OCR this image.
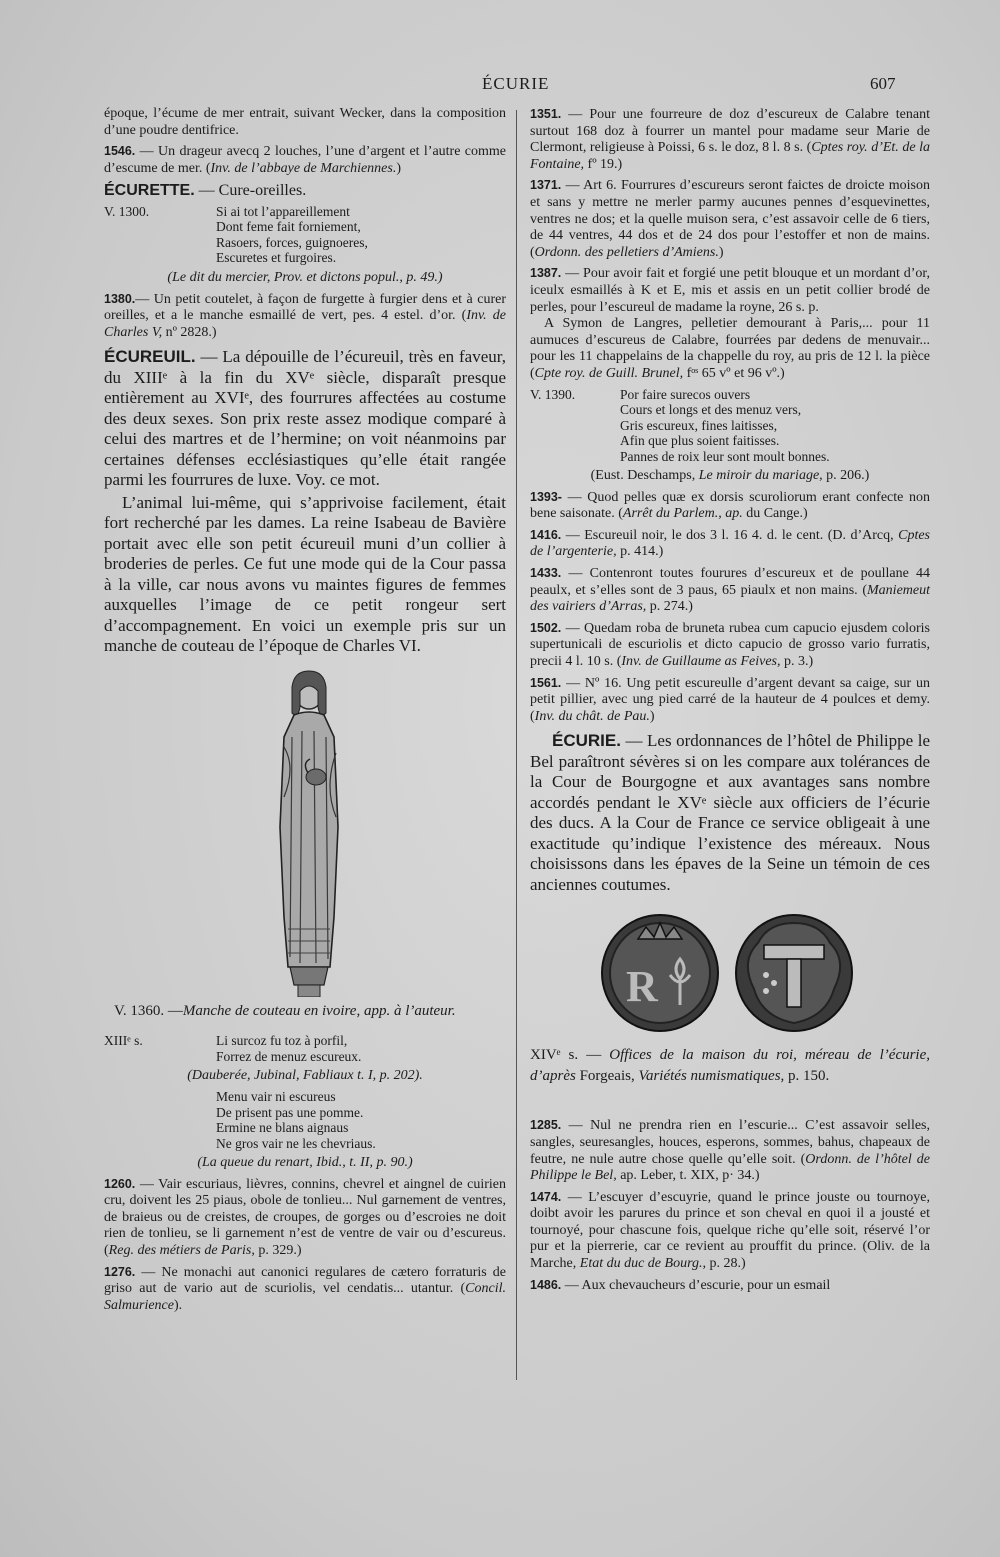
ÉCURIE	607

époque, l’écume de mer entrait, suivant Wecker, dans la composition d’une poudre dentifrice.

1546. — Un drageur avecq 2 louches, l’une d’argent et l’autre comme d’escume de mer. (Inv. de l’abbaye de Marchiennes.)

ÉCURETTE. — Cure-oreilles.

V. 1300.	Si ai tot l’appareillement
Dont feme fait forniement,
Rasoers, forces, guignoeres,
Escuretes et furgoires.

(Le dit du mercier, Prov. et dictons popul., p. 49.)

1380.— Un petit coutelet, à façon de furgette à furgier dens et à curer oreilles, et a le manche esmaillé de vert, pes. 4 estel. d’or. (Inv. de Charles V, nº 2828.)

ÉCUREUIL. — La dépouille de l’écureuil, très en faveur, du XIIIᵉ à la fin du XVᵉ siècle, disparaît presque entièrement au XVIᵉ, des fourrures affectées au costume des deux sexes. Son prix reste assez modique comparé à celui des martres et de l’hermine; on voit néanmoins par certaines défenses ecclésiastiques qu’elle était rangée parmi les fourrures de luxe. Voy. ce mot.

L’animal lui-même, qui s’apprivoise facilement, était fort recherché par les dames. La reine Isabeau de Bavière portait avec elle son petit écureuil muni d’un collier à broderies de perles. Ce fut une mode qui de la Cour passa à la ville, car nous avons vu maintes figures de femmes auxquelles l’image de ce petit rongeur sert d’accompagnement. En voici un exemple pris sur un manche de couteau de l’époque de Charles VI.

V. 1360. —Manche de couteau en ivoire, app. à l’auteur.

XIIIᵉ s.	Li surcoz fu toz à porfil,
Forrez de menuz escureux.

(Dauberée, Jubinal, Fabliaux t. I, p. 202).

Menu vair ni escureus
De prisent pas une pomme.
Ermine ne blans aignaus
Ne gros vair ne les chevriaus.

(La queue du renart, Ibid., t. II, p. 90.)

1260. — Vair escuriaus, lièvres, connins, chevrel et aingnel de cuirien cru, doivent les 25 piaus, obole de tonlieu... Nul garnement de ventres, de braieus ou de creistes, de croupes, de gorges ou d’escroies ne doit rien de tonlieu, se li garnement n’est de ventre de vair ou d’escureus. (Reg. des métiers de Paris, p. 329.)

1276. — Ne monachi aut canonici regulares de cætero forraturis de griso aut de vario aut de scuriolis, vel cendatis... utantur. (Concil. Salmurience).

1351. — Pour une fourreure de doz d’escureux de Calabre tenant surtout 168 doz à fourrer un mantel pour madame seur Marie de Clermont, religieuse à Poissi, 6 s. le doz, 8 l. 8 s. (Cptes roy. d’Et. de la Fontaine, fº 19.)

1371. — Art 6. Fourrures d’escureurs seront faictes de droicte moison et sans y mettre ne merler parmy aucunes pennes d’esquevinettes, ventres ne dos; et la quelle muison sera, c’est assavoir celle de 6 tiers, de 44 ventres, 44 dos et de 24 dos pour l’estoffer et non de mains. (Ordonn. des pelletiers d’Amiens.)

1387. — Pour avoir fait et forgié une petit blouque et un mordant d’or, iceulx esmaillés à K et E, mis et assis en un petit collier brodé de perles, pour l’escureul de madame la royne, 26 s. p.

A Symon de Langres, pelletier demourant à Paris,... pour 11 aumuces d’escureus de Calabre, fourrées par dedens de menuvair... pour les 11 chappelains de la chappelle du roy, au pris de 12 l. la pièce (Cpte roy. de Guill. Brunel, fᵒˢ 65 vº et 96 vº.)

V. 1390.	Por faire surecos ouvers
Cours et longs et des menuz vers,
Gris escureux, fines laitisses,
Afin que plus soient faitisses.
Pannes de roix leur sont moult bonnes.

(Eust. Deschamps, Le miroir du mariage, p. 206.)

1393- — Quod pelles quæ ex dorsis scuroliorum erant confecte non bene saisonate. (Arrêt du Parlem., ap. du Cange.)

1416. — Escureuil noir, le dos 3 l. 16 4. d. le cent. (D. d’Arcq, Cptes de l’argenterie, p. 414.)

1433. — Contenront toutes fourures d’escureux et de poullane 44 peaulx, et s’elles sont de 3 paus, 65 piaulx et non mains. (Maniemeut des vairiers d’Arras, p. 274.)

1502. — Quedam roba de bruneta rubea cum capucio ejusdem coloris supertunicali de escuriolis et dicto capucio de grosso vario furratis, precii 4 l. 10 s. (Inv. de Guillaume as Feives, p. 3.)

1561. — Nº 16. Ung petit escureulle d’argent devant sa caige, sur un petit pillier, avec ung pied carré de la hauteur de 4 poulces et demy. (Inv. du chât. de Pau.)

ÉCURIE. — Les ordonnances de l’hôtel de Philippe le Bel paraîtront sévères si on les compare aux tolérances de la Cour de Bourgogne et aux avantages sans nombre accordés pendant le XVᵉ siècle aux officiers de l’écurie des ducs. A la Cour de France ce service obligeait à une exactitude qu’indique l’existence des méreaux. Nous choisissons dans les épaves de la Seine un témoin de ces anciennes coutumes.

R

XIVᵉ s. — Offices de la maison du roi, méreau de l’écurie, d’après Forgeais, Variétés numismatiques, p. 150.

1285. — Nul ne prendra rien en l’escurie... C’est assavoir selles, sangles, seuresangles, houces, esperons, sommes, bahus, chapeaux de feutre, ne nule autre chose quelle qu’elle soit. (Ordonn. de l’hôtel de Philippe le Bel, ap. Leber, t. XIX, p· 34.)

1474. — L’escuyer d’escuyrie, quand le prince jouste ou tournoye, doibt avoir les parures du prince et son cheval en quoi il a jousté et tournoyé, pour chascune fois, quelque riche qu’elle soit, réservé l’or pur et la pierrerie, car ce revient au prouffit du prince. (Oliv. de la Marche, Etat du duc de Bourg., p. 28.)

1486. — Aux chevaucheurs d’escurie, pour un esmail
